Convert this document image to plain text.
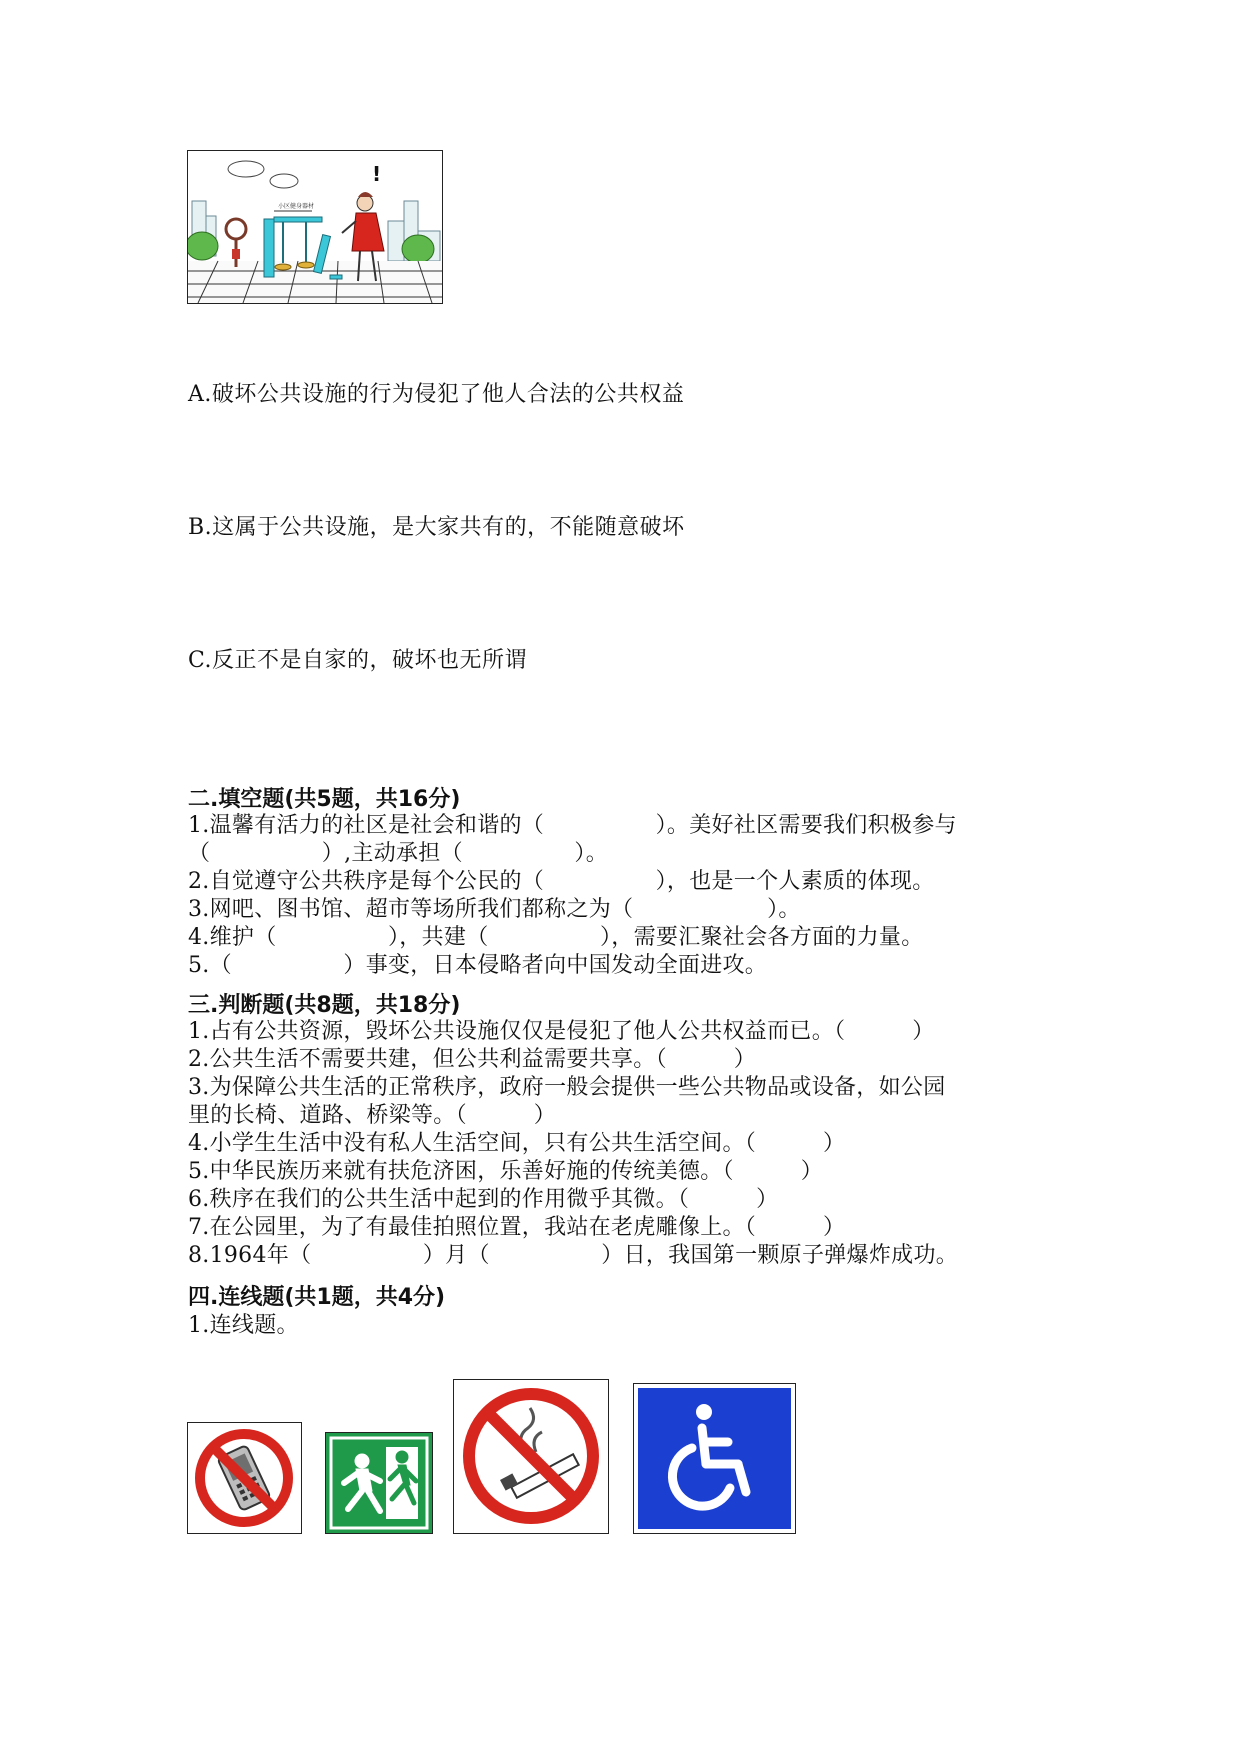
小区健身器材
!
A.破坏公共设施的行为侵犯了他人合法的公共权益
B.这属于公共设施，是大家共有的，不能随意破坏
C.反正不是自家的，破坏也无所谓
二.填空题(共5题，共16分)
1.温馨有活力的社区是社会和谐的（　　　　　）。美好社区需要我们积极参与
（　　　　　）,主动承担（　　　　　）。
2.自觉遵守公共秩序是每个公民的（　　　　　），也是一个人素质的体现。
3.网吧、图书馆、超市等场所我们都称之为（　　　　　　）。
4.维护（　　　　　），共建（　　　　　），需要汇聚社会各方面的力量。
5.（　　　　　）事变，日本侵略者向中国发动全面进攻。
三.判断题(共8题，共18分)
1.占有公共资源，毁坏公共设施仅仅是侵犯了他人公共权益而已。（　　　）
2.公共生活不需要共建，但公共利益需要共享。（　　　）
3.为保障公共生活的正常秩序，政府一般会提供一些公共物品或设备，如公园
里的长椅、道路、桥梁等。（　　　）
4.小学生生活中没有私人生活空间，只有公共生活空间。（　　　）
5.中华民族历来就有扶危济困，乐善好施的传统美德。（　　　）
6.秩序在我们的公共生活中起到的作用微乎其微。（　　　）
7.在公园里，为了有最佳拍照位置，我站在老虎雕像上。（　　　）
8.1964年（　　　　　）月（　　　　　）日，我国第一颗原子弹爆炸成功。
四.连线题(共1题，共4分)
1.连线题。
